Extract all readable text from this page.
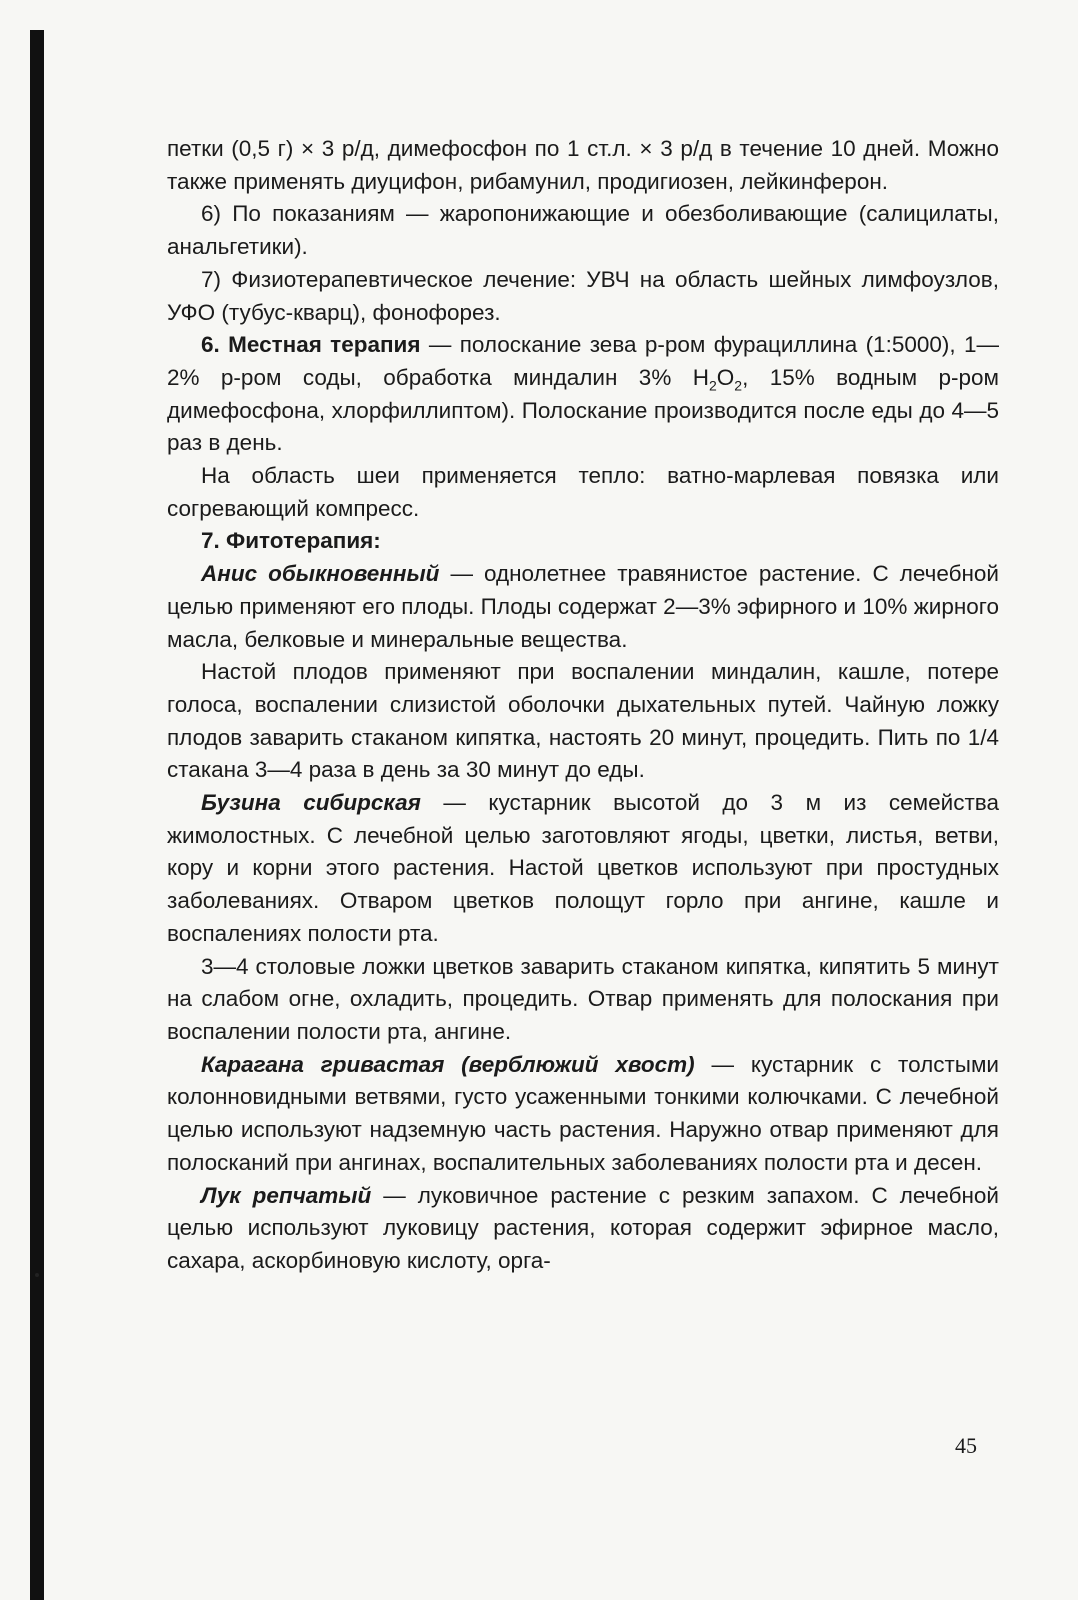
петки (0,5 г) × 3 р/д, димефосфон по 1 ст.л. × 3 р/д в течение 10 дней. Можно также применять диуцифон, рибамунил, продигиозен, лейкинферон.

6) По показаниям — жаропонижающие и обезболивающие (салицилаты, анальгетики).

7) Физиотерапевтическое лечение: УВЧ на область шейных лимфоузлов, УФО (тубус-кварц), фонофорез.

6. Местная терапия — полоскание зева р-ром фурациллина (1:5000), 1—2% р-ром соды, обработка миндалин 3% $H_2O_2$, 15% водным р-ром димефосфона, хлорфиллиптом). Полоскание производится после еды до 4—5 раз в день.

На область шеи применяется тепло: ватно-марлевая повязка или согревающий компресс.

7. Фитотерапия:

Анис обыкновенный — однолетнее травянистое растение. С лечебной целью применяют его плоды. Плоды содержат 2—3% эфирного и 10% жирного масла, белковые и минеральные вещества.

Настой плодов применяют при воспалении миндалин, кашле, потере голоса, воспалении слизистой оболочки дыхательных путей. Чайную ложку плодов заварить стаканом кипятка, настоять 20 минут, процедить. Пить по 1/4 стакана 3—4 раза в день за 30 минут до еды.

Бузина сибирская — кустарник высотой до 3 м из семейства жимолостных. С лечебной целью заготовляют ягоды, цветки, листья, ветви, кору и корни этого растения. Настой цветков используют при простудных заболеваниях. Отваром цветков полощут горло при ангине, кашле и воспалениях полости рта.

3—4 столовые ложки цветков заварить стаканом кипятка, кипятить 5 минут на слабом огне, охладить, процедить. Отвар применять для полоскания при воспалении полости рта, ангине.

Карагана гривастая (верблюжий хвост) — кустарник с толстыми колонновидными ветвями, густо усаженными тонкими колючками. С лечебной целью используют надземную часть растения. Наружно отвар применяют для полосканий при ангинах, воспалительных заболеваниях полости рта и десен.

Лук репчатый — луковичное растение с резким запахом. С лечебной целью используют луковицу растения, которая содержит эфирное масло, сахара, аскорбиновую кислоту, орга-

45
